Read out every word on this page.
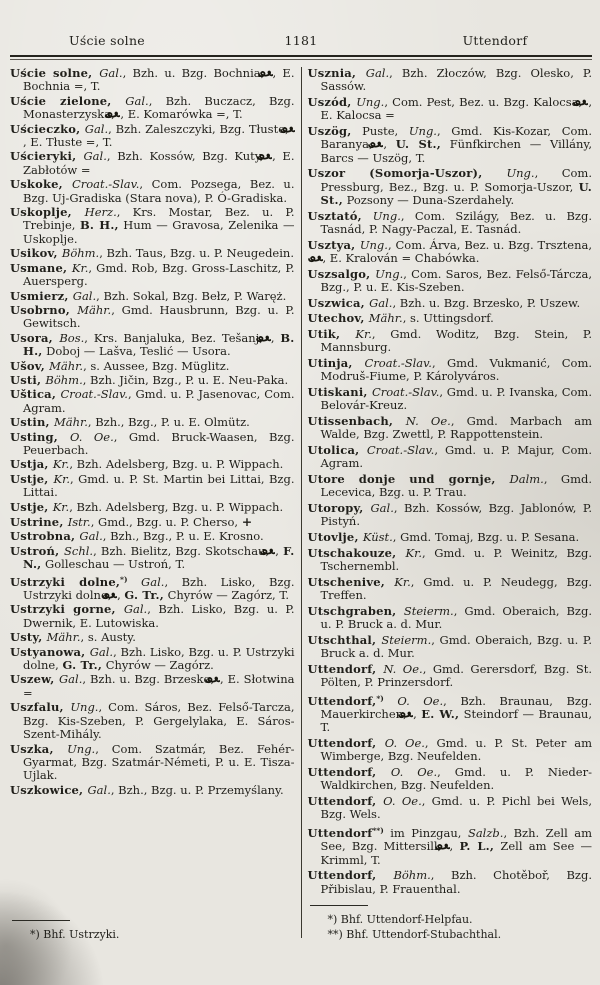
Uście solne	1181	Uttendorf
Uście solne, Gal., Bzh. u. Bzg. Bochnia, , E. Bochnia =, T.
Uście zielone, Gal., Bzh. Buczacz, Bzg. Monasterzyska, , E. Komarówka =, T.
Uścieczko, Gal., Bzh. Zaleszczyki, Bzg. Tłuste, , E. Tłuste =, T.
Uścieryki, Gal., Bzh. Kossów, Bzg. Kuty, , E. Zabłotów =
Uskoke, Croat.-Slav., Com. Pozsega, Bez. u. Bzg. Uj-Gradiska (Stara nova), P. Ó-Gradiska.
Uskoplje, Herz., Krs. Mostar, Bez. u. P. Trebinje, B. H., Hum — Gravosa, Zelenika — Uskoplje.
Usikov, Böhm., Bzh. Taus, Bzg. u. P. Neugedein.
Usmane, Kr., Gmd. Rob, Bzg. Gross-Laschitz, P. Auersperg.
Usmierz, Gal., Bzh. Sokal, Bzg. Bełz, P. Waręż.
Usobrno, Mähr., Gmd. Hausbrunn, Bzg. u. P. Gewitsch.
Usora, Bos., Krs. Banjaluka, Bez. Tešanj, , B. H., Doboj — Lašva, Teslić — Usora.
Ušov, Mähr., s. Aussee, Bzg. Müglitz.
Usti, Böhm., Bzh. Jičin, Bzg., P. u. E. Neu-Paka.
Uštica, Croat.-Slav., Gmd. u. P. Jasenovac, Com. Agram.
Ustin, Mähr., Bzh., Bzg., P. u. E. Olmütz.
Usting, O. Oe., Gmd. Bruck-Waasen, Bzg. Peuerbach.
Ustja, Kr., Bzh. Adelsberg, Bzg. u. P. Wippach.
Ustje, Kr., Gmd. u. P. St. Martin bei Littai, Bzg. Littai.
Ustje, Kr., Bzh. Adelsberg, Bzg. u. P. Wippach.
Ustrine, Istr., Gmd., Bzg. u. P. Cherso, +
Ustrobna, Gal., Bzh., Bzg., P. u. E. Krosno.
Ustroń, Schl., Bzh. Bielitz, Bzg. Skotschau, , F. N., Golleschau — Ustroń, T.
Ustrzyki dolne,*) Gal., Bzh. Lisko, Bzg. Ustrzyki dolne, , G. Tr., Chyrów — Zagórz, T.
Ustrzyki gorne, Gal., Bzh. Lisko, Bzg. u. P. Dwernik, E. Lutowiska.
Usty, Mähr., s. Austy.
Ustyanowa, Gal., Bzh. Lisko, Bzg. u. P. Ustrzyki dolne, G. Tr., Chyrów — Zagórz.
Uszew, Gal., Bzh. u. Bzg. Brzesko, , E. Słotwina =
Uszfalu, Ung., Com. Sáros, Bez. Felső-Tarcza, Bzg. Kis-Szeben, P. Gergelylaka, E. Sáros-Szent-Mihály.
Uszka, Ung., Com. Szatmár, Bez. Fehér-Gyarmat, Bzg. Szatmár-Németi, P. u. E. Tisza-Ujlak.
Uszkowice, Gal., Bzh., Bzg. u. P. Przemyślany.
*) Bhf. Ustrzyki.
Usznia, Gal., Bzh. Złoczów, Bzg. Olesko, P. Sassów.
Uszód, Ung., Com. Pest, Bez. u. Bzg. Kalocsa, , E. Kalocsa =
Uszög, Puste, Ung., Gmd. Kis-Kozar, Com. Baranya, , U. St., Fünfkirchen — Villány, Barcs — Uszög, T.
Uszor (Somorja-Uszor), Ung., Com. Pressburg, Bez., Bzg. u. P. Somorja-Uszor, U. St., Pozsony — Duna-Szerdahely.
Usztató, Ung., Com. Szilágy, Bez. u. Bzg. Tasnád, P. Nagy-Paczal, E. Tasnád.
Usztya, Ung., Com. Árva, Bez. u. Bzg. Trsztena, , E. Kralován = Chabówka.
Uszsalgo, Ung., Com. Saros, Bez. Felső-Tárcza, Bzg., P. u. E. Kis-Szeben.
Uszwica, Gal., Bzh. u. Bzg. Brzesko, P. Uszew.
Utechov, Mähr., s. Uttingsdorf.
Utik, Kr., Gmd. Woditz, Bzg. Stein, P. Mannsburg.
Utinja, Croat.-Slav., Gmd. Vukmanić, Com. Modruš-Fiume, P. Károlyváros.
Utiskani, Croat.-Slav., Gmd. u. P. Ivanska, Com. Belovár-Kreuz.
Utissenbach, N. Oe., Gmd. Marbach am Walde, Bzg. Zwettl, P. Rappottenstein.
Utolica, Croat.-Slav., Gmd. u. P. Majur, Com. Agram.
Utore donje und gornje, Dalm., Gmd. Lecevica, Bzg. u. P. Trau.
Utoropy, Gal., Bzh. Kossów, Bzg. Jablonów, P. Pistyń.
Utovlje, Küst., Gmd. Tomaj, Bzg. u. P. Sesana.
Utschakouze, Kr., Gmd. u. P. Weinitz, Bzg. Tschernembl.
Utschenive, Kr., Gmd. u. P. Neudegg, Bzg. Treffen.
Utschgraben, Steierm., Gmd. Oberaich, Bzg. u. P. Bruck a. d. Mur.
Utschthal, Steierm., Gmd. Oberaich, Bzg. u. P. Bruck a. d. Mur.
Uttendorf, N. Oe., Gmd. Gerersdorf, Bzg. St. Pölten, P. Prinzersdorf.
Uttendorf,*) O. Oe., Bzh. Braunau, Bzg. Mauerkirchen, , E. W., Steindorf — Braunau, T.
Uttendorf, O. Oe., Gmd. u. P. St. Peter am Wimberge, Bzg. Neufelden.
Uttendorf, O. Oe., Gmd. u. P. Nieder-Waldkirchen, Bzg. Neufelden.
Uttendorf, O. Oe., Gmd. u. P. Pichl bei Wels, Bzg. Wels.
Uttendorf**) im Pinzgau, Salzb., Bzh. Zell am See, Bzg. Mittersill, , P. L., Zell am See — Krimml, T.
Uttendorf, Böhm., Bzh. Chotěboř, Bzg. Přibislau, P. Frauenthal.
*) Bhf. Uttendorf-Helpfau.
**) Bhf. Uttendorf-Stubachthal.
